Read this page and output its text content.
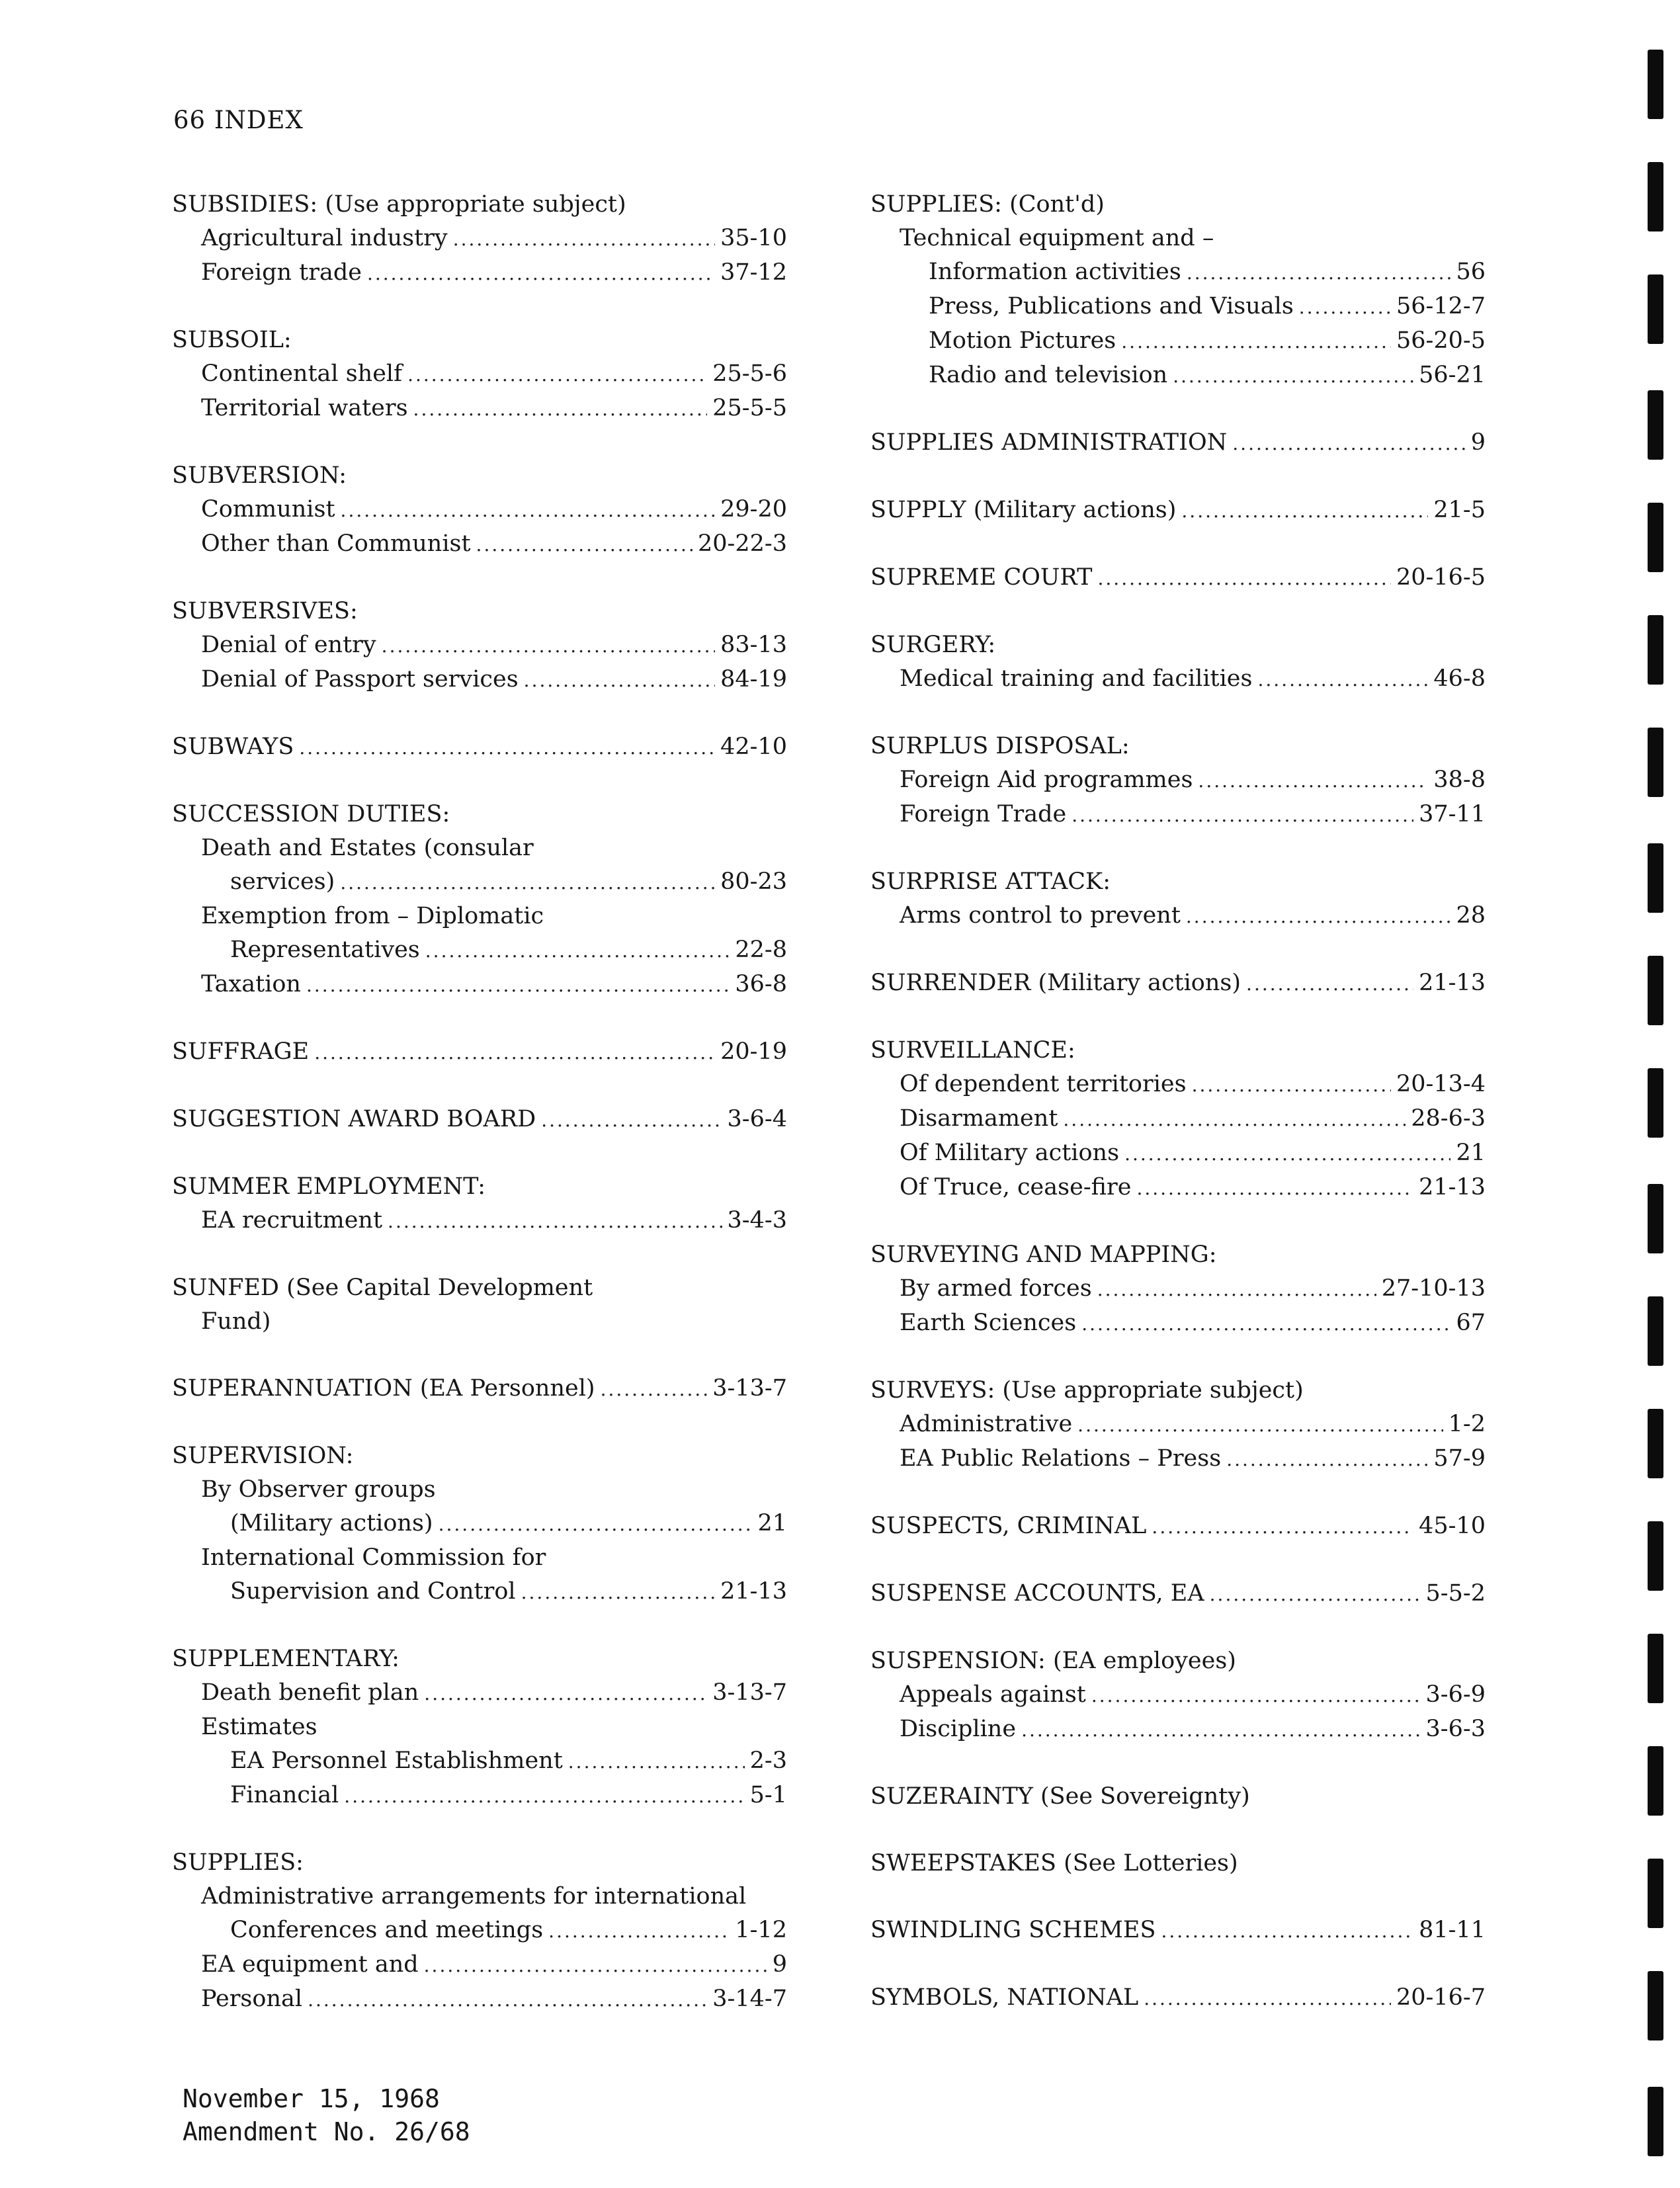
66 INDEX
SUBSIDIES: (Use appropriate subject)
Agricultural industry .....	35-10
Foreign trade .....	37-12
SUBSOIL:
Continental shelf .....	25-5-6
Territorial waters .....	25-5-5
SUBVERSION:
Communist .....	29-20
Other than Communist .....	20-22-3
SUBVERSIVES:
Denial of entry .....	83-13
Denial of Passport services .....	84-19
SUBWAYS .....	42-10
SUCCESSION DUTIES:
Death and Estates (consular
services) .....	80-23
Exemption from – Diplomatic
Representatives .....	22-8
Taxation .....	36-8
SUFFRAGE .....	20-19
SUGGESTION AWARD BOARD .....	3-6-4
SUMMER EMPLOYMENT:
EA recruitment .....	3-4-3
SUNFED (See Capital Development
Fund)
SUPERANNUATION (EA Personnel) .....	3-13-7
SUPERVISION:
By Observer groups
(Military actions) .....	21
International Commission for
Supervision and Control .....	21-13
SUPPLEMENTARY:
Death benefit plan .....	3-13-7
Estimates
EA Personnel Establishment .....	2-3
Financial .....	5-1
SUPPLIES:
Administrative arrangements for international
Conferences and meetings .....	1-12
EA equipment and .....	9
Personal .....	3-14-7
SUPPLIES: (Cont'd)
Technical equipment and –
Information activities .....	56
Press, Publications and Visuals .....	56-12-7
Motion Pictures .....	56-20-5
Radio and television .....	56-21
SUPPLIES ADMINISTRATION .....	9
SUPPLY (Military actions) .....	21-5
SUPREME COURT .....	20-16-5
SURGERY:
Medical training and facilities .....	46-8
SURPLUS DISPOSAL:
Foreign Aid programmes .....	38-8
Foreign Trade .....	37-11
SURPRISE ATTACK:
Arms control to prevent .....	28
SURRENDER (Military actions) .....	21-13
SURVEILLANCE:
Of dependent territories .....	20-13-4
Disarmament .....	28-6-3
Of Military actions .....	21
Of Truce, cease-fire .....	21-13
SURVEYING AND MAPPING:
By armed forces .....	27-10-13
Earth Sciences .....	67
SURVEYS: (Use appropriate subject)
Administrative .....	1-2
EA Public Relations – Press .....	57-9
SUSPECTS, CRIMINAL .....	45-10
SUSPENSE ACCOUNTS, EA .....	5-5-2
SUSPENSION: (EA employees)
Appeals against .....	3-6-9
Discipline .....	3-6-3
SUZERAINTY (See Sovereignty)
SWEEPSTAKES (See Lotteries)
SWINDLING SCHEMES .....	81-11
SYMBOLS, NATIONAL .....	20-16-7
November 15, 1968
Amendment No. 26/68
